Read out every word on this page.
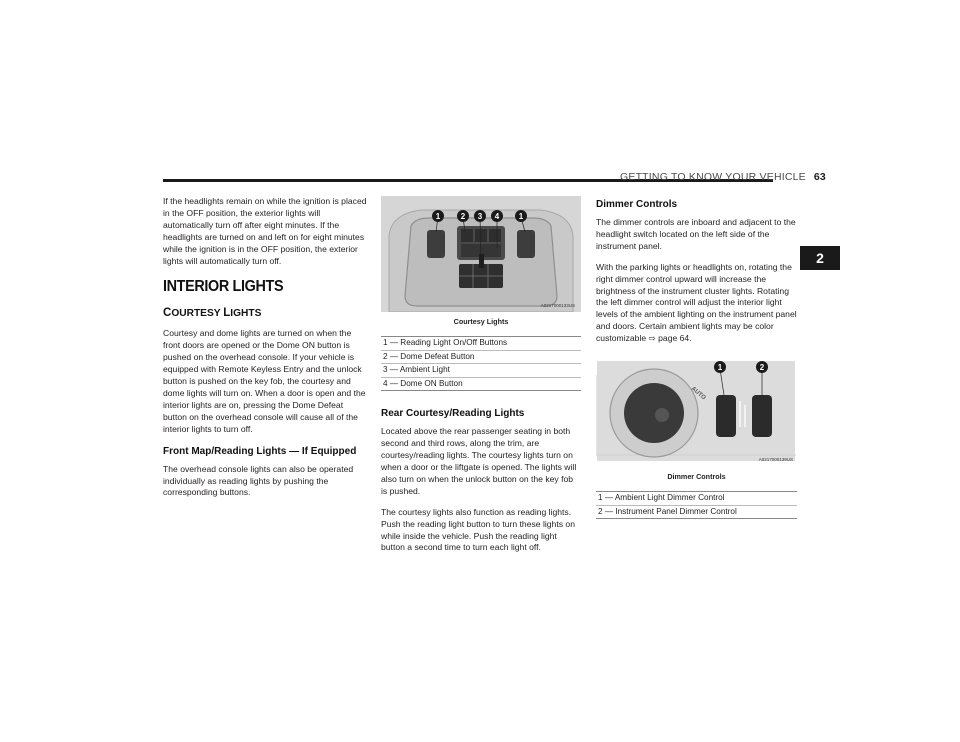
GETTING TO KNOW YOUR VEHICLE 63
2

If the headlights remain on while the ignition is placed in the OFF position, the exterior lights will automatically turn off after eight minutes. If the headlights are turned on and left on for eight minutes while the ignition is in the OFF position, the exterior lights will automatically turn off.

INTERIOR LIGHTS
COURTESY LIGHTS

Courtesy and dome lights are turned on when the front doors are opened or the Dome ON button is pushed on the overhead console. If your vehicle is equipped with Remote Keyless Entry and the unlock button is pushed on the key fob, the courtesy and dome lights will turn on. When a door is open and the interior lights are on, pressing the Dome Defeat button on the overhead console will cause all of the interior lights to turn off.

Front Map/Reading Lights — If Equipped

The overhead console lights can also be operated individually as reading lights by pushing the corresponding buttons.

1	2 3 4 1
A0217000133US
Courtesy Lights
1 — Reading Light On/Off Buttons
2 — Dome Defeat Button
3 — Ambient Light
4 — Dome ON Button
Rear Courtesy/Reading Lights

Located above the rear passenger seating in both second and third rows, along the trim, are courtesy/reading lights. The courtesy lights turn on when a door or the liftgate is opened. The lights will also turn on when the unlock button on the key fob is pushed.

The courtesy lights also function as reading lights. Push the reading light button to turn these lights on while inside the vehicle. Push the reading light button a second time to turn each light off.

Dimmer Controls

The dimmer controls are inboard and adjacent to the headlight switch located on the left side of the instrument panel.

With the parking lights or headlights on, rotating the right dimmer control upward will increase the brightness of the instrument cluster lights. Rotating the left dimmer control will adjust the interior light levels of the ambient lighting on the instrument panel and doors. Certain ambient lights may be color customizable ⇨ page 64.

AUTO
1	2
A0217000139US
Dimmer Controls
1 — Ambient Light Dimmer Control
2 — Instrument Panel Dimmer Control
